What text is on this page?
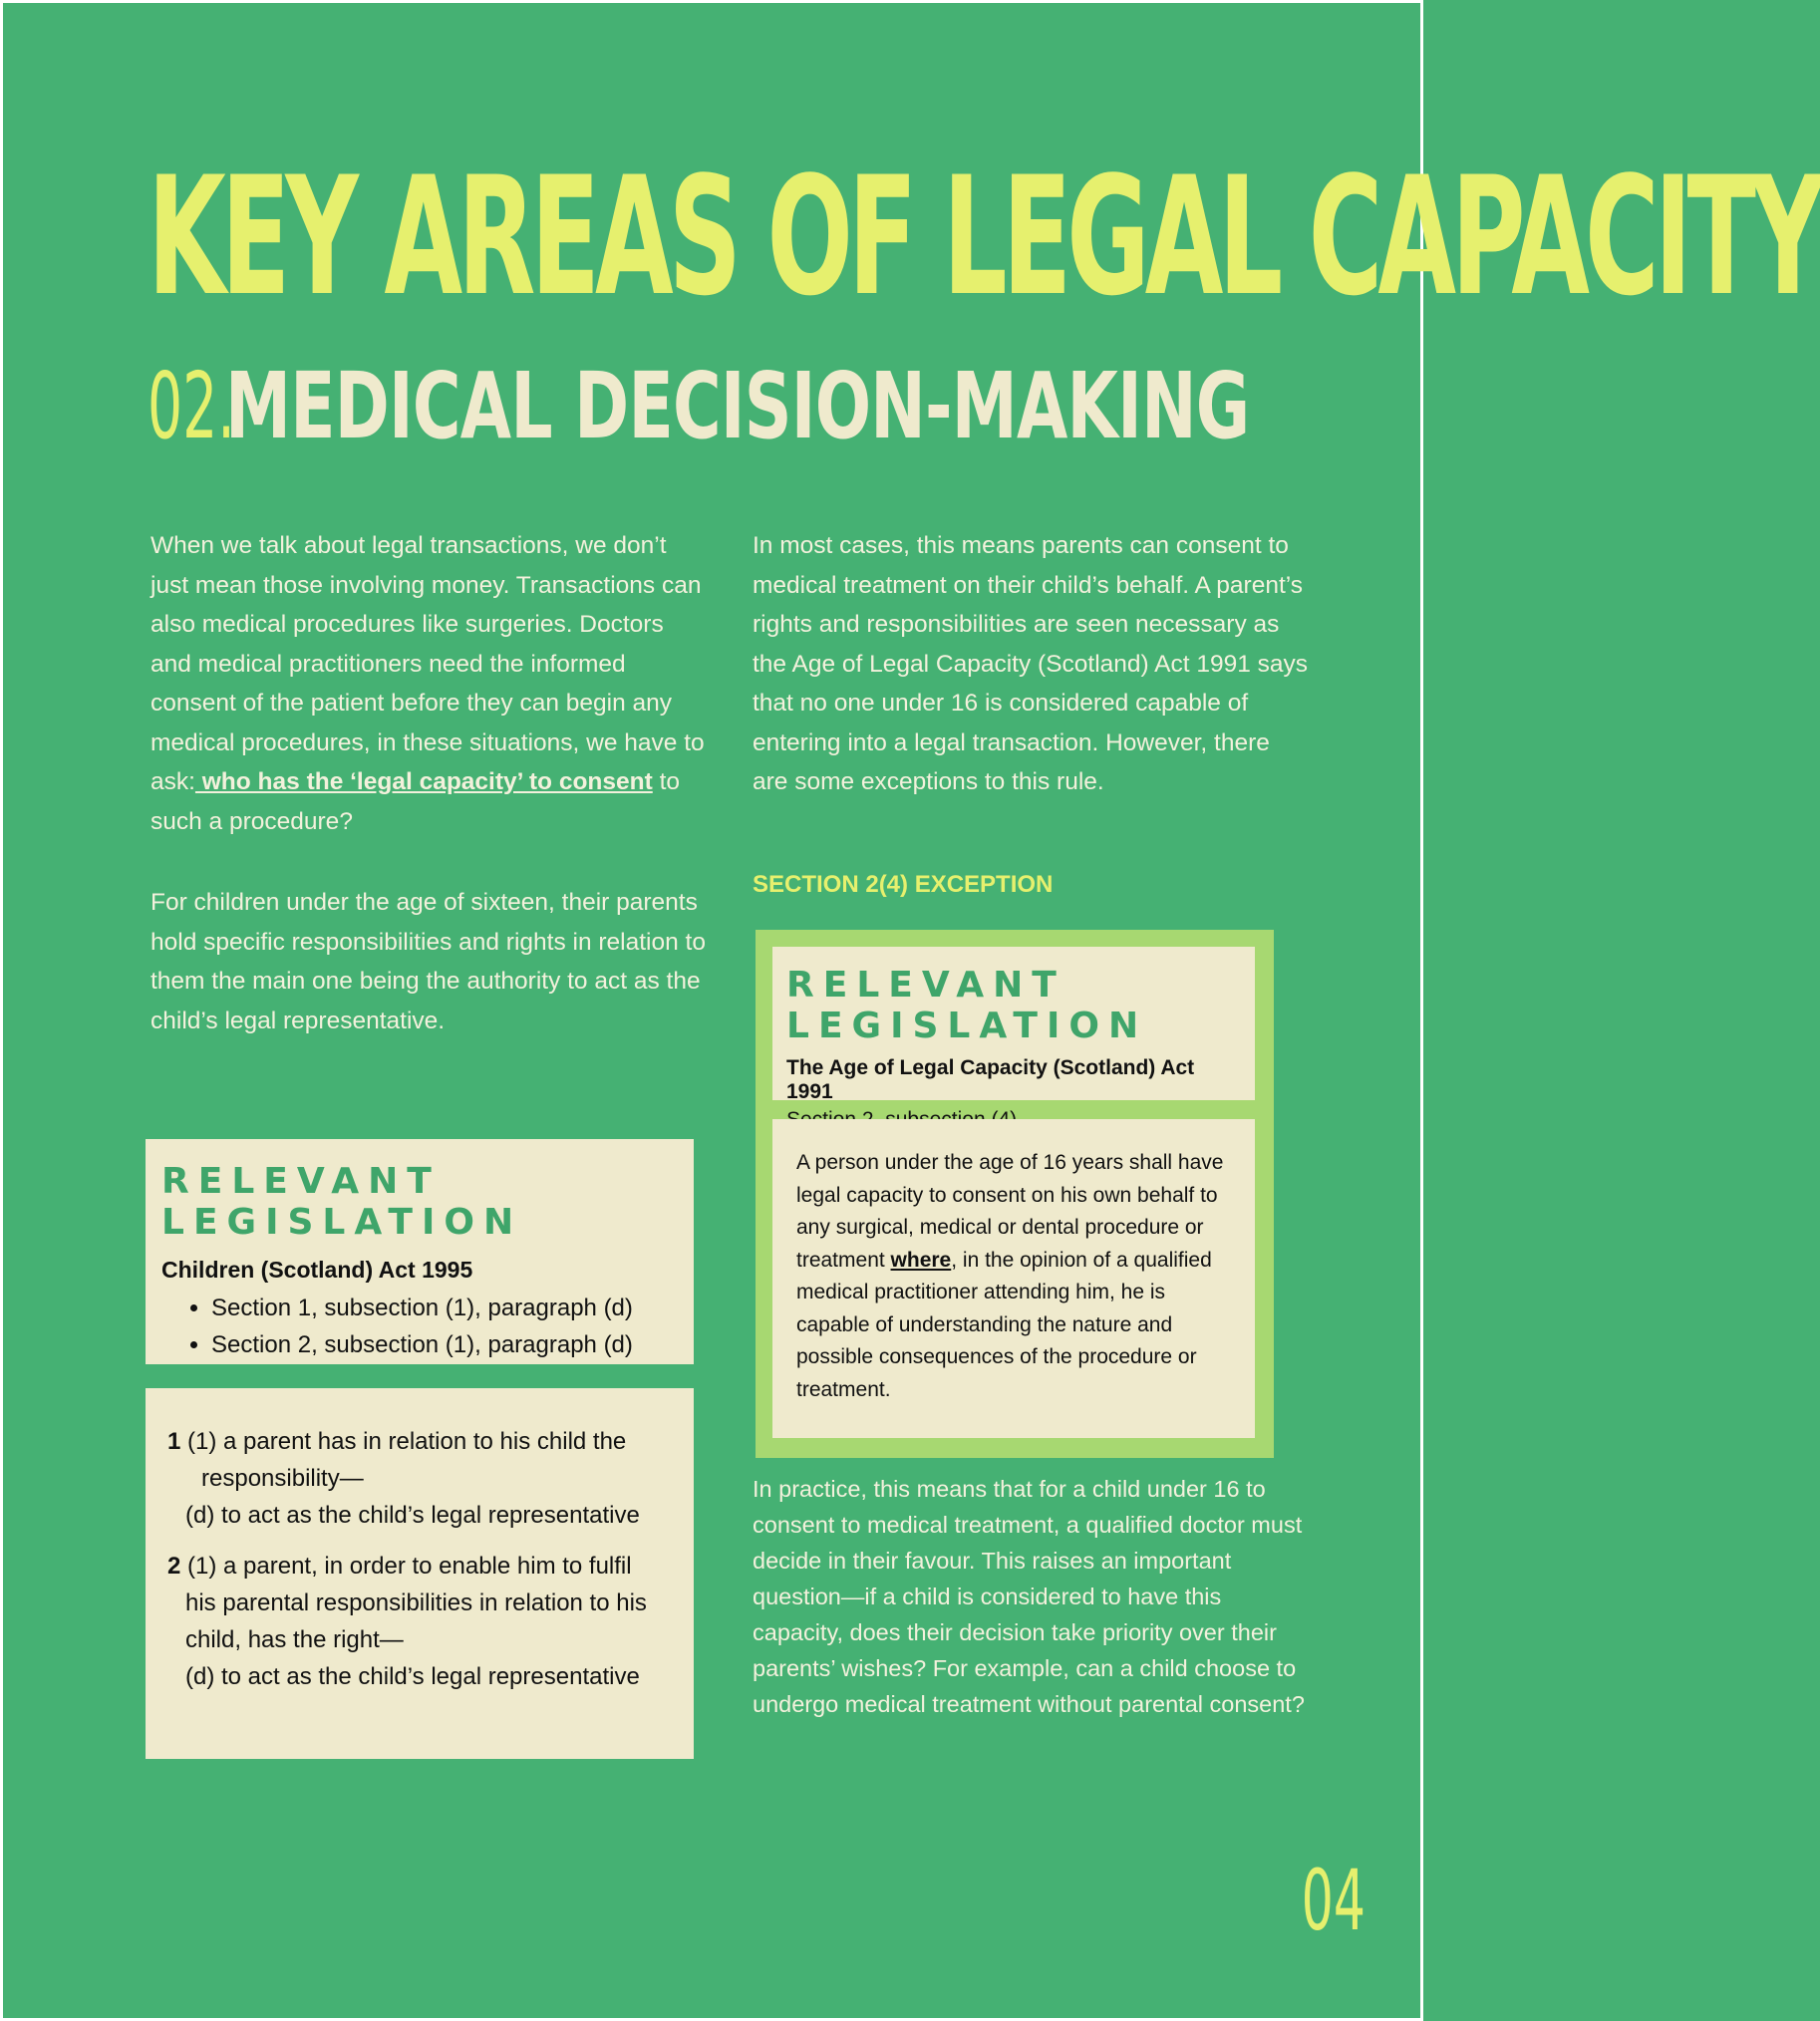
KEY AREAS OF LEGAL CAPACITY
02.MEDICAL DECISION-MAKING

When we talk about legal transactions, we don’t just mean those involving money. Transactions can also medical procedures like surgeries. Doctors and medical practitioners need the informed consent of the patient before they can begin any medical procedures, in these situations, we have to ask: who has the ‘legal capacity’ to consent to such a procedure?

For children under the age of sixteen, their parents hold specific responsibilities and rights in relation to them the main one being the authority to act as the child’s legal representative.

In most cases, this means parents can consent to medical treatment on their child’s behalf. A parent’s rights and responsibilities are seen necessary as the Age of Legal Capacity (Scotland) Act 1991 says that no one under 16 is considered capable of entering into a legal transaction. However, there are some exceptions to this rule.

SECTION 2(4) EXCEPTION

RELEVANT LEGISLATION

Children (Scotland) Act 1995

• Section 1, subsection (1), paragraph (d)
• Section 2, subsection (1), paragraph (d)

1 (1) a parent has in relation to his child the

responsibility—

(d) to act as the child’s legal representative

2 (1) a parent, in order to enable him to fulfil

his parental responsibilities in relation to his

child, has the right—

(d) to act as the child’s legal representative

RELEVANT LEGISLATION

The Age of Legal Capacity (Scotland) Act 1991

A person under the age of 16 years shall have legal capacity to consent on his own behalf to any surgical, medical or dental procedure or treatment where, in the opinion of a qualified medical practitioner attending him, he is capable of understanding the nature and possible consequences of the procedure or treatment.

In practice, this means that for a child under 16 to consent to medical treatment, a qualified doctor must decide in their favour. This raises an important question—if a child is considered to have this capacity, does their decision take priority over their parents’ wishes? For example, can a child choose to undergo medical treatment without parental consent?

04
